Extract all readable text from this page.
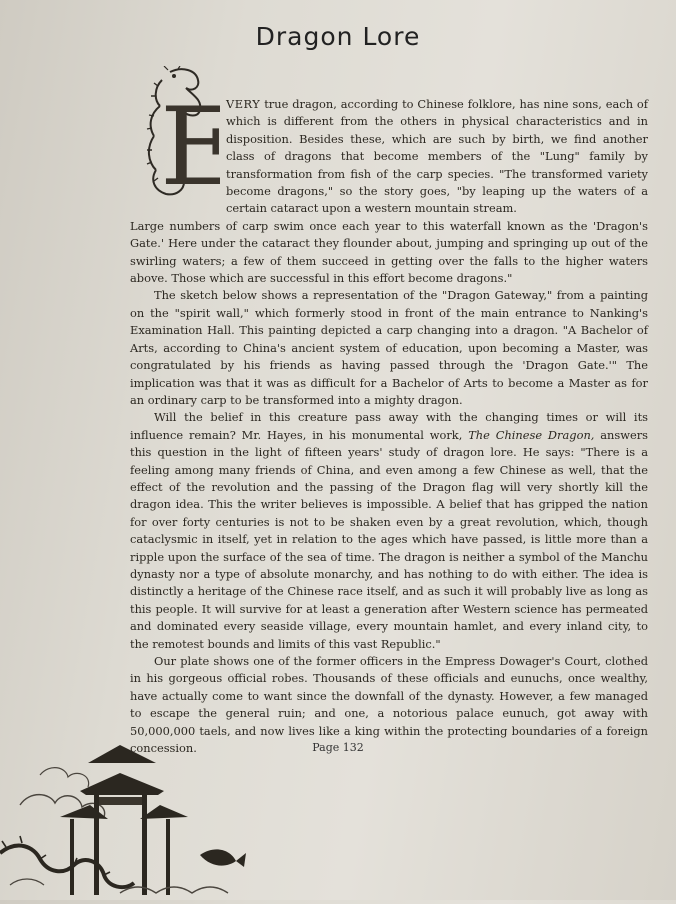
Dragon Lore
E

VERY true dragon, according to Chinese folklore, has nine sons, each of which is different from the others in physical characteristics and in disposition. Besides these, which are such by birth, we find another class of dragons that become members of the "Lung" family by transformation from fish of the carp species. "The transformed variety become dragons," so the story goes, "by leaping up the waters of a certain cataract upon a western mountain stream.

Large numbers of carp swim once each year to this waterfall known as the 'Dragon's Gate.' Here under the cataract they flounder about, jumping and springing up out of the swirling waters; a few of them succeed in getting over the falls to the higher waters above. Those which are successful in this effort become dragons."

The sketch below shows a representation of the "Dragon Gateway," from a painting on the "spirit wall," which formerly stood in front of the main entrance to Nanking's Examination Hall. This painting depicted a carp changing into a dragon. "A Bachelor of Arts, according to China's ancient system of education, upon becoming a Master, was congratulated by his friends as having passed through the 'Dragon Gate.'" The implication was that it was as difficult for a Bachelor of Arts to become a Master as for an ordinary carp to be transformed into a mighty dragon.

Will the belief in this creature pass away with the changing times or will its influence remain? Mr. Hayes, in his monumental work, The Chinese Dragon, answers this question in the light of fifteen years' study of dragon lore. He says: "There is a feeling among many friends of China, and even among a few Chinese as well, that the effect of the revolution and the passing of the Dragon flag will very shortly kill the dragon idea. This the writer believes is impossible. A belief that has gripped the nation for over forty centuries is not to be shaken even by a great revolution, which, though cataclysmic in itself, yet in relation to the ages which have passed, is little more than a ripple upon the surface of the sea of time. The dragon is neither a symbol of the Manchu dynasty nor a type of absolute monarchy, and has nothing to do with either. The idea is distinctly a heritage of the Chinese race itself, and as such it will probably live as long as this people. It will survive for at least a generation after Western science has permeated and dominated every seaside village, every mountain hamlet, and every inland city, to the remotest bounds and limits of this vast Republic."

Our plate shows one of the former officers in the Empress Dowager's Court, clothed in his gorgeous official robes. Thousands of these officials and eunuchs, once wealthy, have actually come to want since the downfall of the dynasty. However, a few managed to escape the general ruin; and one, a notorious palace eunuch, got away with 50,000,000 taels, and now lives like a king within the protecting boundaries of a foreign concession.	Page 132
